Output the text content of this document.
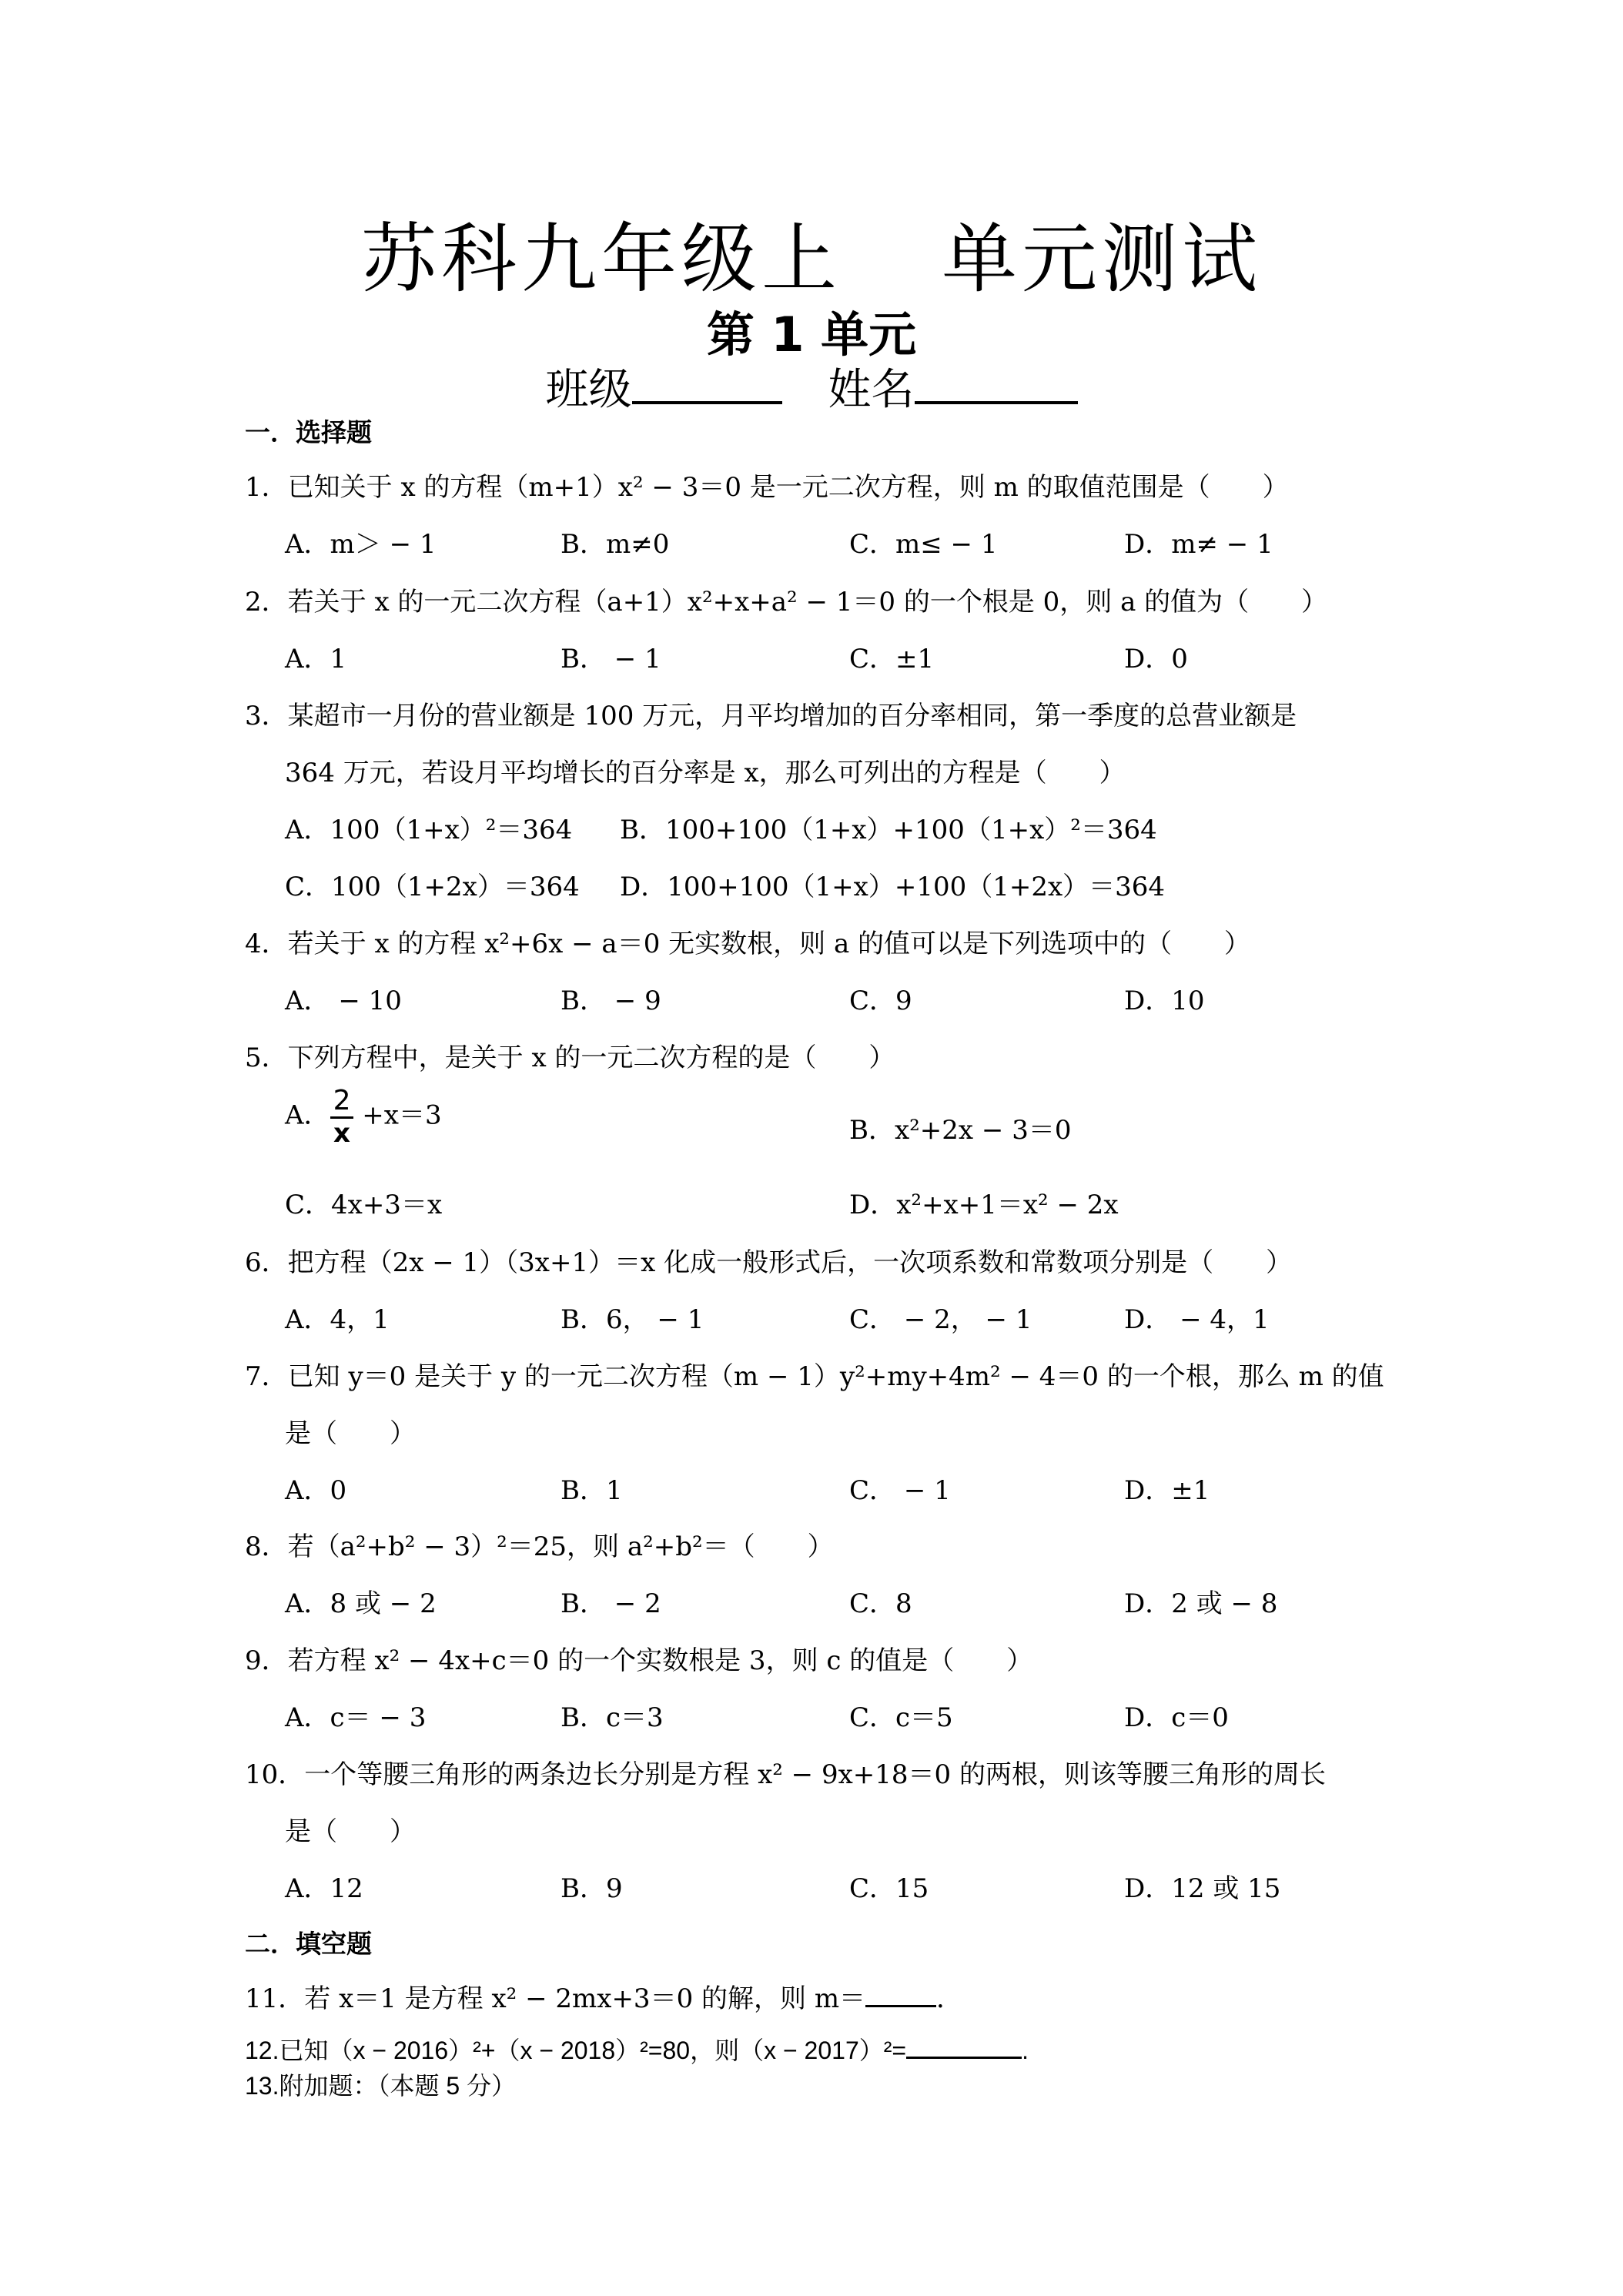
苏科九年级上 单元测试
第 1 单元
班级	姓名
一．选择题
1．已知关于 x 的方程（m+1）x² − 3＝0 是一元二次方程，则 m 的取值范围是（　　）
A．m＞ − 1	B．m≠0	C．m≤ − 1	D．m≠ − 1
2．若关于 x 的一元二次方程（a+1）x²+x+a² − 1＝0 的一个根是 0，则 a 的值为（　　）
A．1	B． − 1	C．±1	D．0
3．某超市一月份的营业额是 100 万元，月平均增加的百分率相同，第一季度的总营业额是
364 万元，若设月平均增长的百分率是 x，那么可列出的方程是（　　）
A．100（1+x）²＝364 B．100+100（1+x）+100（1+x）²＝364
C．100（1+2x）＝364 D．100+100（1+x）+100（1+2x）＝364
4．若关于 x 的方程 x²+6x − a＝0 无实数根，则 a 的值可以是下列选项中的（　　）
A． − 10	B． − 9	C．9	D．10
5．下列方程中，是关于 x 的一元二次方程的是（　　）
A． $\frac{2}{x} +x=3$	B．x²+2x − 3＝0
C．4x+3＝x	D．x²+x+1＝x² − 2x
6．把方程（2x − 1）（3x+1）＝x 化成一般形式后，一次项系数和常数项分别是（　　）
A．4，1	B．6， − 1	C． − 2， − 1	D． − 4，1
7．已知 y＝0 是关于 y 的一元二次方程（m − 1）y²+my+4m² − 4＝0 的一个根，那么 m 的值
是（　　）
A．0	B．1	C． − 1	D．±1
8．若（a²+b² − 3）²＝25，则 a²+b²＝（　　）
A．8 或 − 2	B． − 2	C．8	D．2 或 − 8
9．若方程 x² − 4x+c＝0 的一个实数根是 3，则 c 的值是（　　）
A．c＝ − 3	B．c＝3	C．c＝5	D．c＝0
10．一个等腰三角形的两条边长分别是方程 x² − 9x+18＝0 的两根，则该等腰三角形的周长
是（　　）
A．12	B．9	C．15	D．12 或 15
二．填空题
11．若 x＝1 是方程 x² − 2mx+3＝0 的解，则 m＝	．
12.已知（x − 2016）²+（x − 2018）²=80，则（x − 2017）²=	.
13.附加题：（本题 5 分）
